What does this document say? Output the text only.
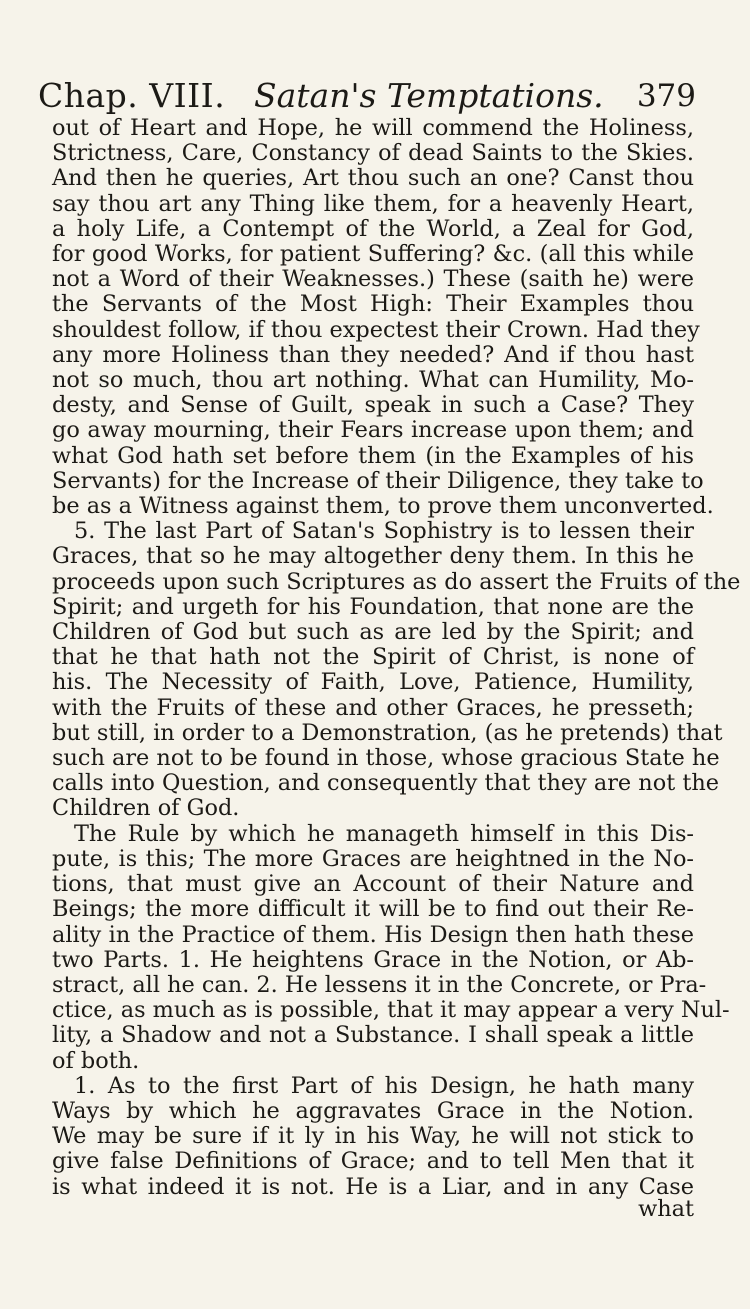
Chap. VIII. Satan's Temptations. 379
out of Heart and Hope, he will commend the Holiness,
Strictness, Care, Constancy of dead Saints to the Skies.
And then he queries, Art thou such an one? Canst thou
say thou art any Thing like them, for a heavenly Heart,
a holy Life, a Contempt of the World, a Zeal for God,
for good Works, for patient Suffering? &c. (all this while
not a Word of their Weaknesses.) These (saith he) were
the Servants of the Most High: Their Examples thou
shouldest follow, if thou expectest their Crown. Had they
any more Holiness than they needed? And if thou hast
not so much, thou art nothing. What can Humility, Mo-
desty, and Sense of Guilt, speak in such a Case? They
go away mourning, their Fears increase upon them; and
what God hath set before them (in the Examples of his
Servants) for the Increase of their Diligence, they take to
be as a Witness against them, to prove them unconverted.
5. The last Part of Satan's Sophistry is to lessen their
Graces, that so he may altogether deny them. In this he
proceeds upon such Scriptures as do assert the Fruits of the
Spirit; and urgeth for his Foundation, that none are the
Children of God but such as are led by the Spirit; and
that he that hath not the Spirit of Christ, is none of
his. The Necessity of Faith, Love, Patience, Humility,
with the Fruits of these and other Graces, he presseth;
but still, in order to a Demonstration, (as he pretends) that
such are not to be found in those, whose gracious State he
calls into Question, and consequently that they are not the
Children of God.
The Rule by which he manageth himself in this Dis-
pute, is this; The more Graces are heightned in the No-
tions, that must give an Account of their Nature and
Beings; the more difficult it will be to find out their Re-
ality in the Practice of them. His Design then hath these
two Parts. 1. He heightens Grace in the Notion, or Ab-
stract, all he can. 2. He lessens it in the Concrete, or Pra-
ctice, as much as is possible, that it may appear a very Nul-
lity, a Shadow and not a Substance. I shall speak a little
of both.
1. As to the first Part of his Design, he hath many
Ways by which he aggravates Grace in the Notion.
We may be sure if it ly in his Way, he will not stick to
give false Definitions of Grace; and to tell Men that it
is what indeed it is not. He is a Liar, and in any Case
what
